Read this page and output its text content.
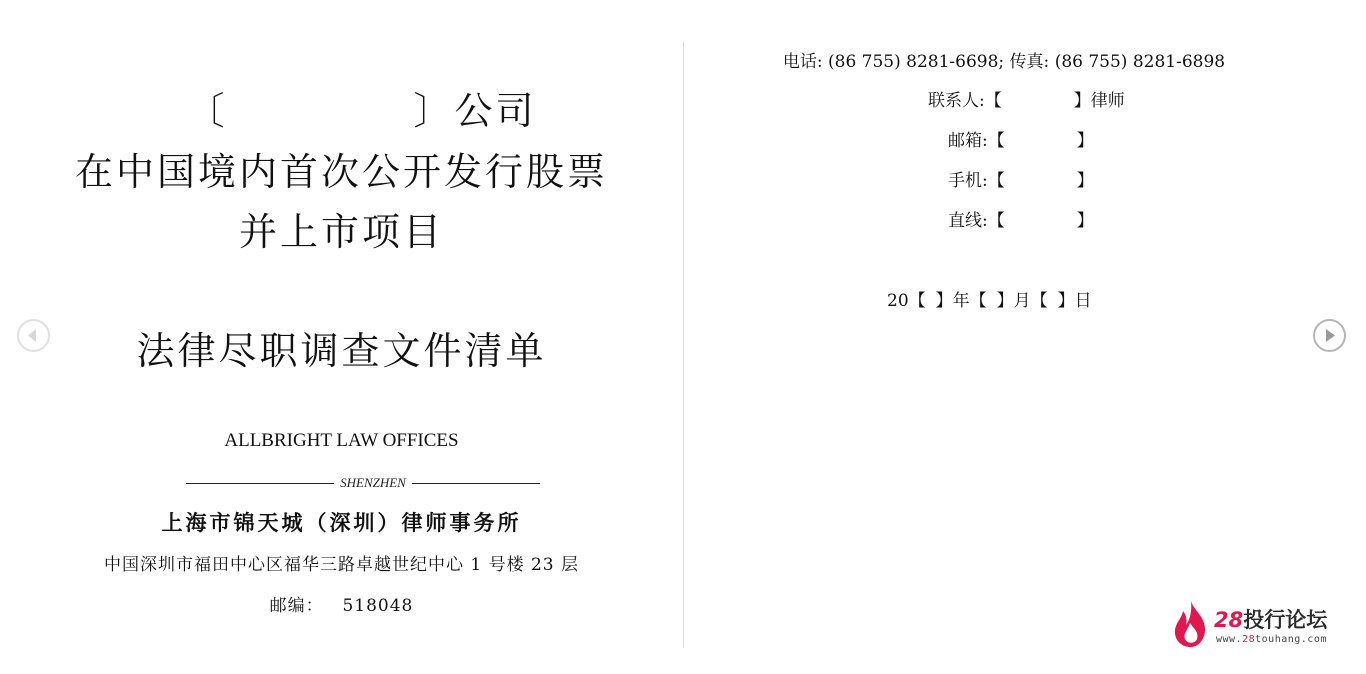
〔	〕公司
在中国境内首次公开发行股票
并上市项目
法律尽职调查文件清单
ALLBRIGHT LAW OFFICES
SHENZHEN
上海市锦天城（深圳）律师事务所
中国深圳市福田中心区福华三路卓越世纪中心 1 号楼 23 层
邮编： 518048
电话: (86 755) 8281-6698; 传真: (86 755) 8281-6898
联系人:【	】律师
邮箱:【	】
手机:【	】
直线:【	】
20【 】年【 】月【 】日
28投行论坛
www.28touhang.com
